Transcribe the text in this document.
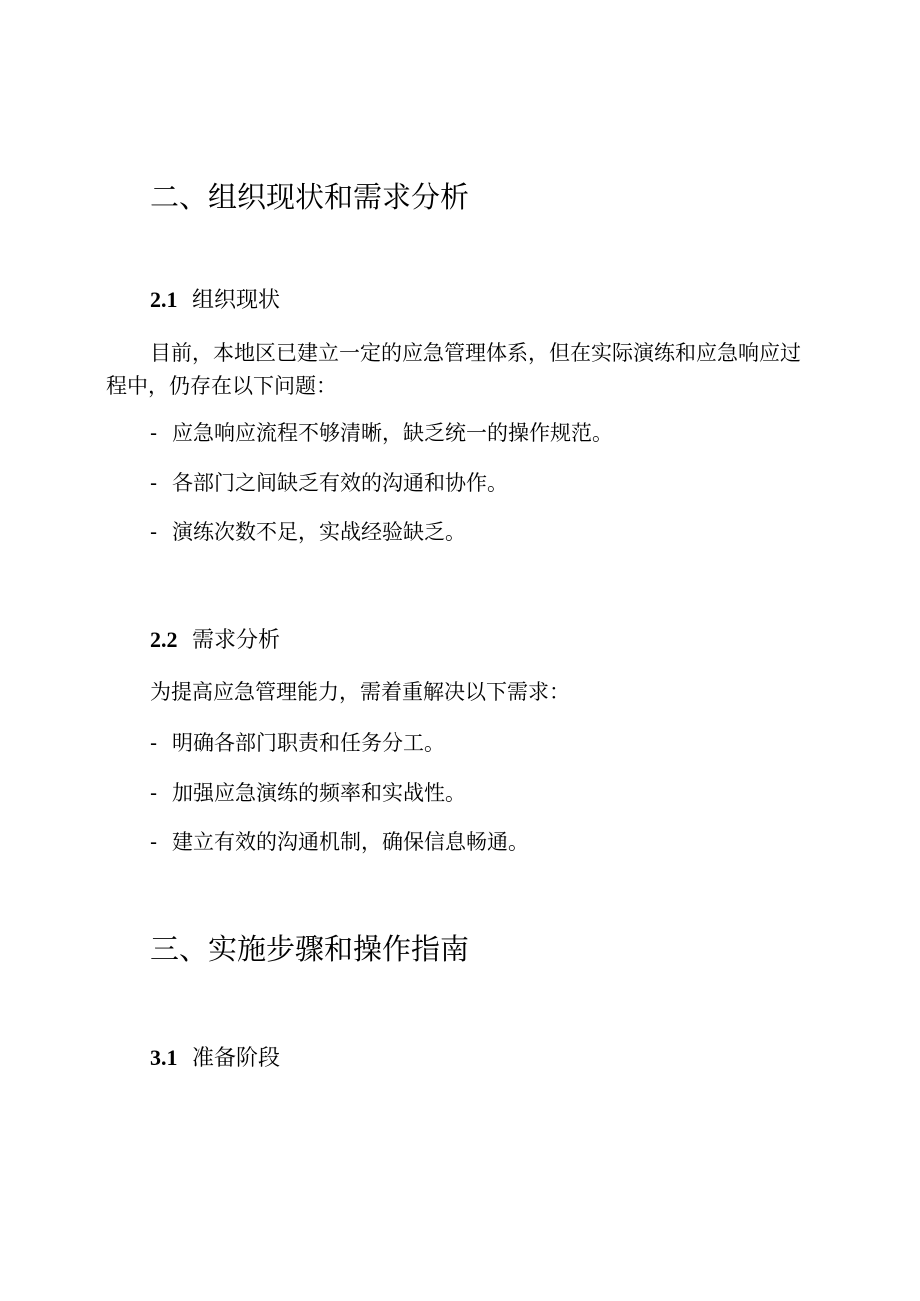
二、组织现状和需求分析
2.1 组织现状
目前，本地区已建立一定的应急管理体系，但在实际演练和应急响应过程中，仍存在以下问题：
- 应急响应流程不够清晰，缺乏统一的操作规范。
- 各部门之间缺乏有效的沟通和协作。
- 演练次数不足，实战经验缺乏。
2.2 需求分析
为提高应急管理能力，需着重解决以下需求：
- 明确各部门职责和任务分工。
- 加强应急演练的频率和实战性。
- 建立有效的沟通机制，确保信息畅通。
三、实施步骤和操作指南
3.1 准备阶段
